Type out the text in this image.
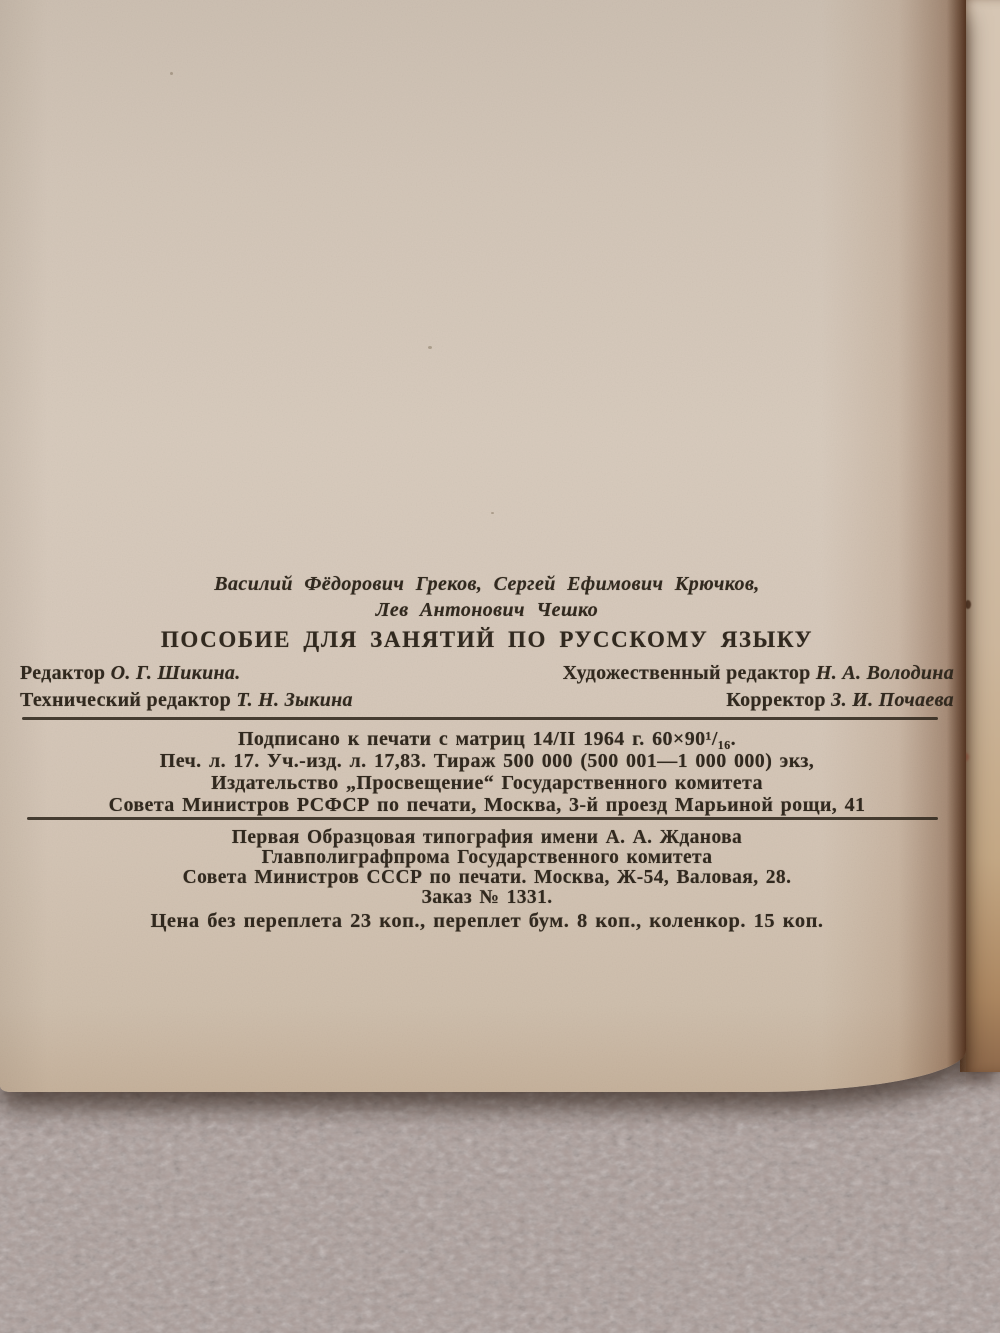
Василий Фёдорович Греков, Сергей Ефимович Крючков,
Лев Антонович Чешко
ПОСОБИЕ ДЛЯ ЗАНЯТИЙ ПО РУССКОМУ ЯЗЫКУ
Редактор О. Г. Шикина.	Художественный редактор Н. А. Володина
Технический редактор Т. Н. Зыкина	Корректор З. И. Почаева
Подписано к печати с матриц 14/II 1964 г. 60×90¹/₁₆.
Печ. л. 17. Уч.-изд. л. 17,83. Тираж 500 000 (500 001—1 000 000) экз,
Издательство „Просвещение“ Государственного комитета
Совета Министров РСФСР по печати, Москва, 3-й проезд Марьиной рощи, 41
Первая Образцовая типография имени А. А. Жданова
Главполиграфпрома Государственного комитета
Совета Министров СССР по печати. Москва, Ж-54, Валовая, 28.
Заказ № 1331.
Цена без переплета 23 коп., переплет бум. 8 коп., коленкор. 15 коп.
